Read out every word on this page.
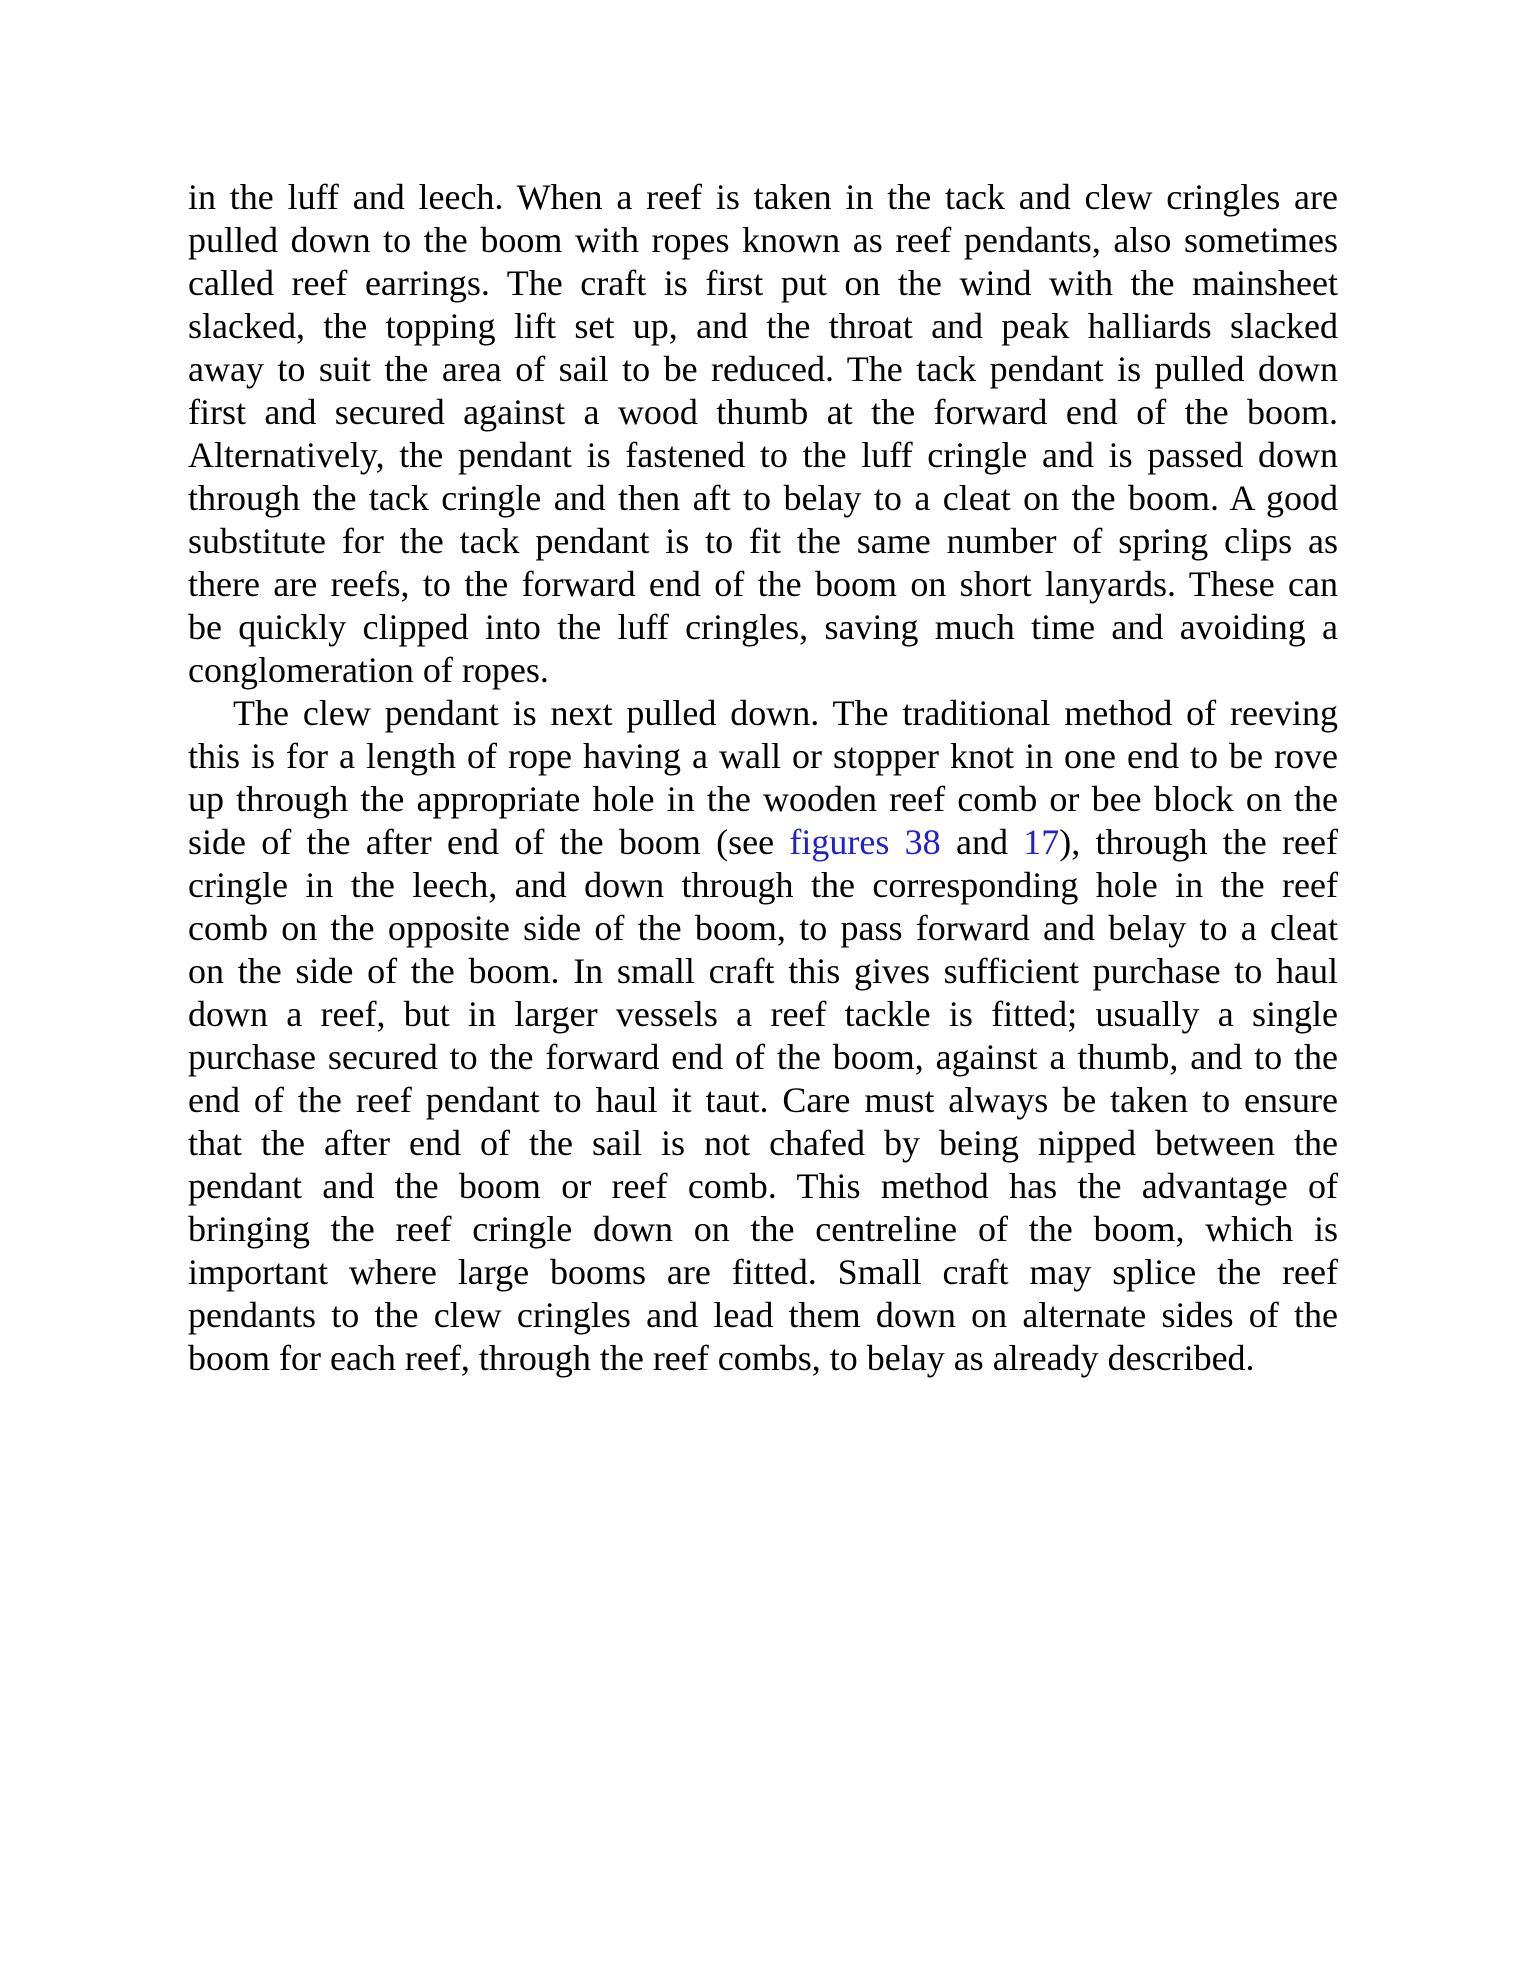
in the luff and leech. When a reef is taken in the tack and clew cringles are
pulled down to the boom with ropes known as reef pendants, also sometimes
called reef earrings. The craft is first put on the wind with the mainsheet
slacked, the topping lift set up, and the throat and peak halliards slacked
away to suit the area of sail to be reduced. The tack pendant is pulled down
first and secured against a wood thumb at the forward end of the boom.
Alternatively, the pendant is fastened to the luff cringle and is passed down
through the tack cringle and then aft to belay to a cleat on the boom. A good
substitute for the tack pendant is to fit the same number of spring clips as
there are reefs, to the forward end of the boom on short lanyards. These can
be quickly clipped into the luff cringles, saving much time and avoiding a
conglomeration of ropes.
The clew pendant is next pulled down. The traditional method of reeving
this is for a length of rope having a wall or stopper knot in one end to be rove
up through the appropriate hole in the wooden reef comb or bee block on the
side of the after end of the boom (see figures 38 and 17), through the reef
cringle in the leech, and down through the corresponding hole in the reef
comb on the opposite side of the boom, to pass forward and belay to a cleat
on the side of the boom. In small craft this gives sufficient purchase to haul
down a reef, but in larger vessels a reef tackle is fitted; usually a single
purchase secured to the forward end of the boom, against a thumb, and to the
end of the reef pendant to haul it taut. Care must always be taken to ensure
that the after end of the sail is not chafed by being nipped between the
pendant and the boom or reef comb. This method has the advantage of
bringing the reef cringle down on the centreline of the boom, which is
important where large booms are fitted. Small craft may splice the reef
pendants to the clew cringles and lead them down on alternate sides of the
boom for each reef, through the reef combs, to belay as already described.
